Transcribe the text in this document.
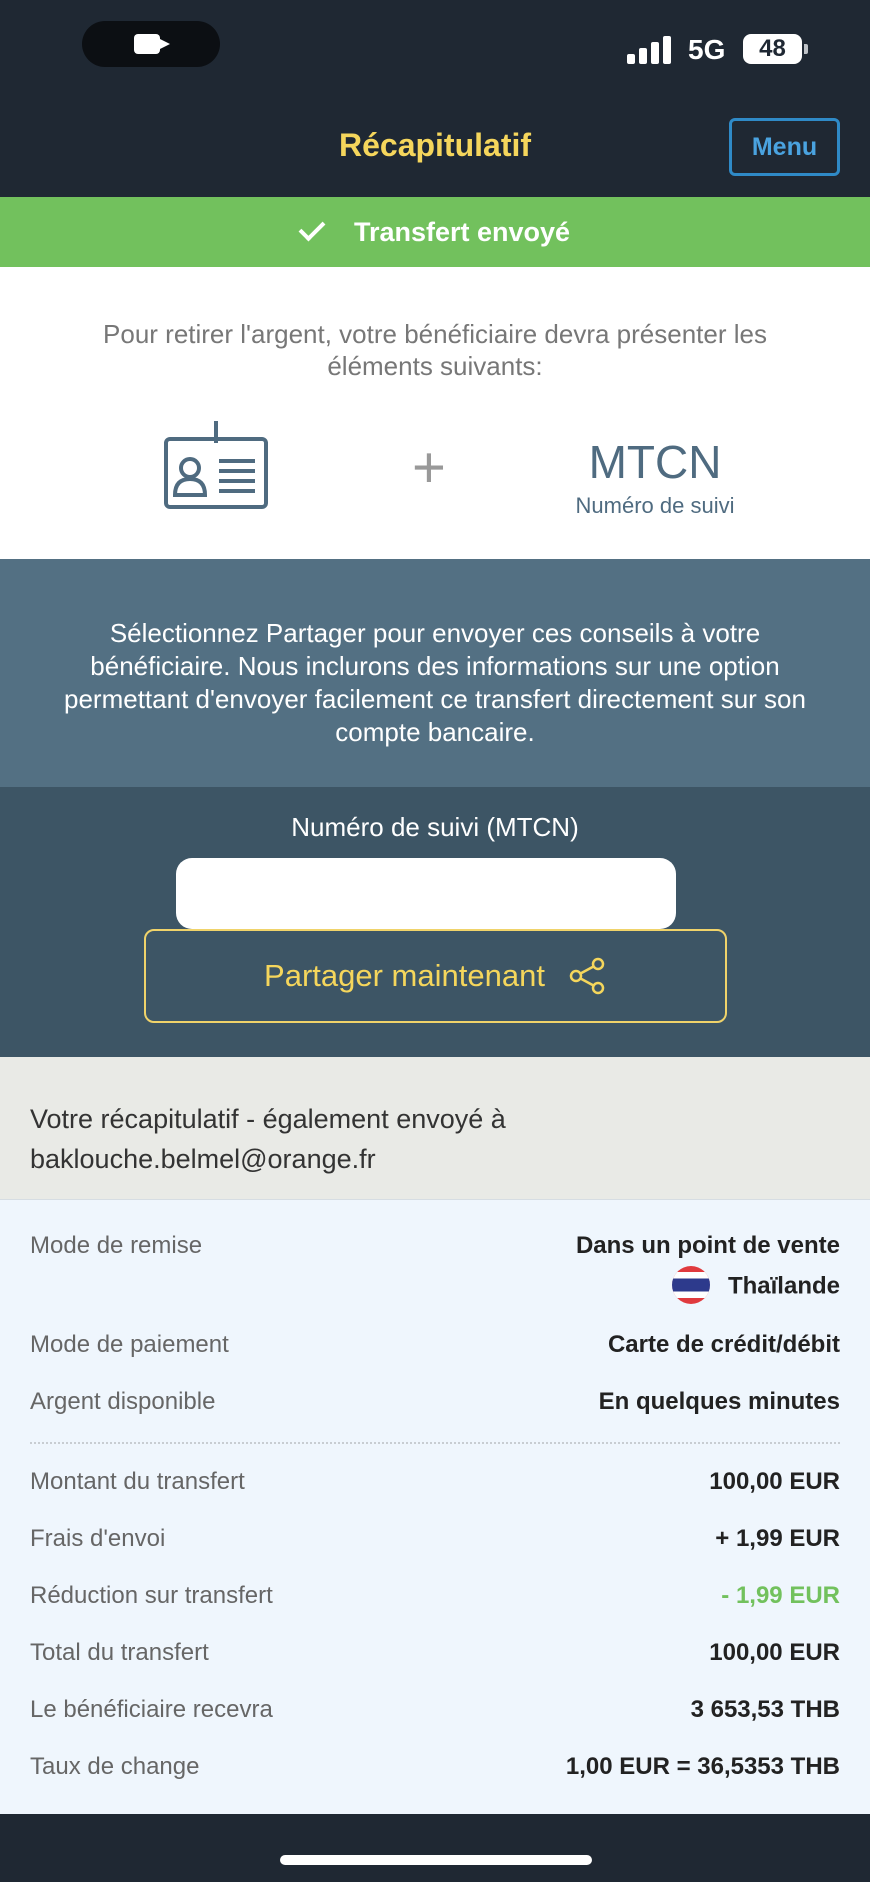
5G	48
Récapitulatif	Menu
Transfert envoyé

Pour retirer l'argent, votre bénéficiaire devra présenter les éléments suivants:

+	MTCN
Numéro de suivi

Sélectionnez Partager pour envoyer ces conseils à votre bénéficiaire. Nous inclurons des informations sur une option permettant d'envoyer facilement ce transfert directement sur son compte bancaire.

Numéro de suivi (MTCN)
Partager maintenant

Votre récapitulatif - également envoyé à
baklouche.belmel@orange.fr

Mode de remise	Dans un point de vente
Thaïlande
Mode de paiement	Carte de crédit/débit
Argent disponible	En quelques minutes
Montant du transfert	100,00 EUR
Frais d'envoi	+ 1,99 EUR
Réduction sur transfert	- 1,99 EUR
Total du transfert	100,00 EUR
Le bénéficiaire recevra	3 653,53 THB
Taux de change	1,00 EUR = 36,5353 THB
